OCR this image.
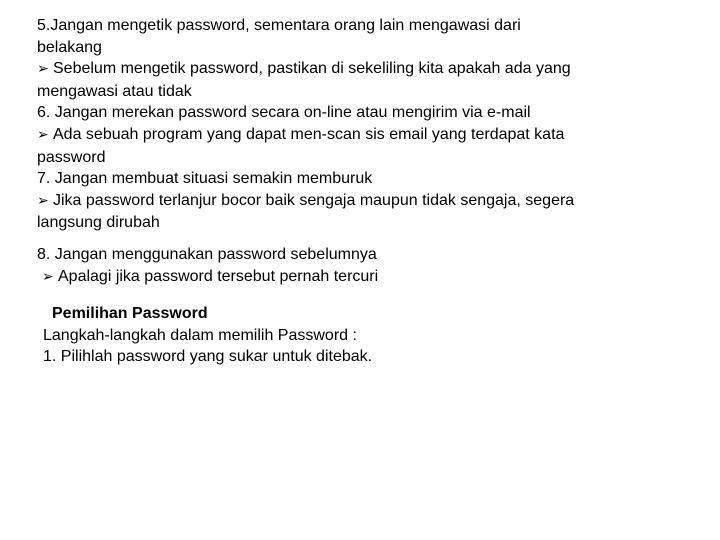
5.Jangan mengetik password, sementara orang lain mengawasi dari
belakang
➢ Sebelum mengetik password, pastikan di sekeliling kita apakah ada yang
mengawasi atau tidak
6. Jangan merekan password secara on-line atau mengirim via e-mail
➢ Ada sebuah program yang dapat men-scan sis email yang terdapat kata
password
7. Jangan membuat situasi semakin memburuk
➢ Jika password terlanjur bocor baik sengaja maupun tidak sengaja, segera
langsung dirubah
8. Jangan menggunakan password sebelumnya
➢ Apalagi jika password tersebut pernah tercuri
Pemilihan Password
Langkah-langkah dalam memilih Password :
1. Pilihlah password yang sukar untuk ditebak.
